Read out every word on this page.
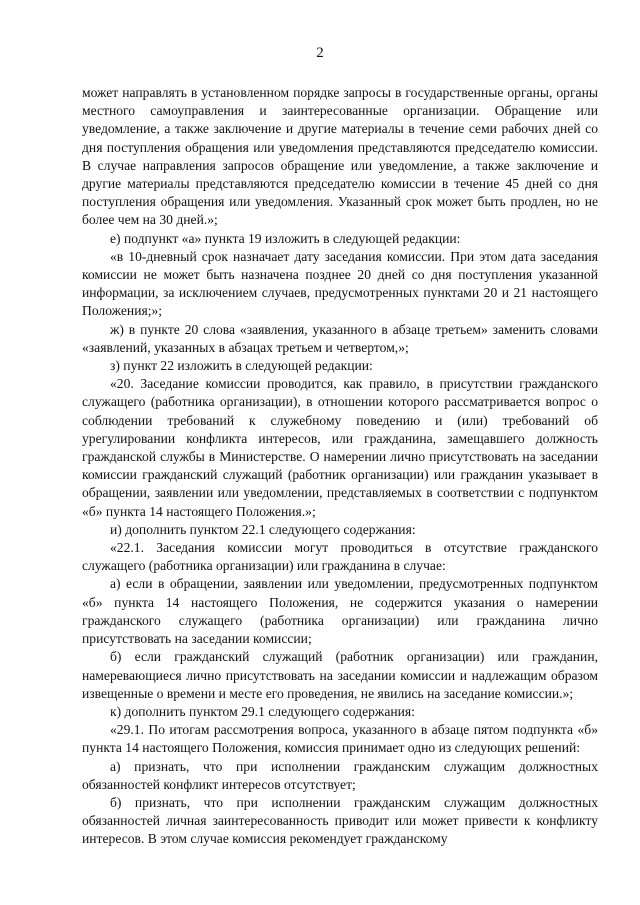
2

может направлять в установленном порядке запросы в государственные органы, органы местного самоуправления и заинтересованные организации. Обращение или уведомление, а также заключение и другие материалы в течение семи рабочих дней со дня поступления обращения или уведомления представляются председателю комиссии. В случае направления запросов обращение или уведомление, а также заключение и другие материалы представляются председателю комиссии в течение 45 дней со дня поступления обращения или уведомления. Указанный срок может быть продлен, но не более чем на 30 дней.»;

е) подпункт «а» пункта 19 изложить в следующей редакции:

«в 10-дневный срок назначает дату заседания комиссии. При этом дата заседания комиссии не может быть назначена позднее 20 дней со дня поступления указанной информации, за исключением случаев, предусмотренных пунктами 20 и 21 настоящего Положения;»;

ж) в пункте 20 слова «заявления, указанного в абзаце третьем» заменить словами «заявлений, указанных в абзацах третьем и четвертом,»;

з) пункт 22 изложить в следующей редакции:

«20. Заседание комиссии проводится, как правило, в присутствии гражданского служащего (работника организации), в отношении которого рассматривается вопрос о соблюдении требований к служебному поведению и (или) требований об урегулировании конфликта интересов, или гражданина, замещавшего должность гражданской службы в Министерстве. О намерении лично присутствовать на заседании комиссии гражданский служащий (работник организации) или гражданин указывает в обращении, заявлении или уведомлении, представляемых в соответствии с подпунктом «б» пункта 14 настоящего Положения.»;

и) дополнить пунктом 22.1 следующего содержания:

«22.1. Заседания комиссии могут проводиться в отсутствие гражданского служащего (работника организации) или гражданина в случае:

а) если в обращении, заявлении или уведомлении, предусмотренных подпунктом «б» пункта 14 настоящего Положения, не содержится указания о намерении гражданского служащего (работника организации) или гражданина лично присутствовать на заседании комиссии;

б) если гражданский служащий (работник организации) или гражданин, намеревающиеся лично присутствовать на заседании комиссии и надлежащим образом извещенные о времени и месте его проведения, не явились на заседание комиссии.»;

к) дополнить пунктом 29.1 следующего содержания:

«29.1. По итогам рассмотрения вопроса, указанного в абзаце пятом подпункта «б» пункта 14 настоящего Положения, комиссия принимает одно из следующих решений:

а) признать, что при исполнении гражданским служащим должностных обязанностей конфликт интересов отсутствует;

б) признать, что при исполнении гражданским служащим должностных обязанностей личная заинтересованность приводит или может привести к конфликту интересов. В этом случае комиссия рекомендует гражданскому
